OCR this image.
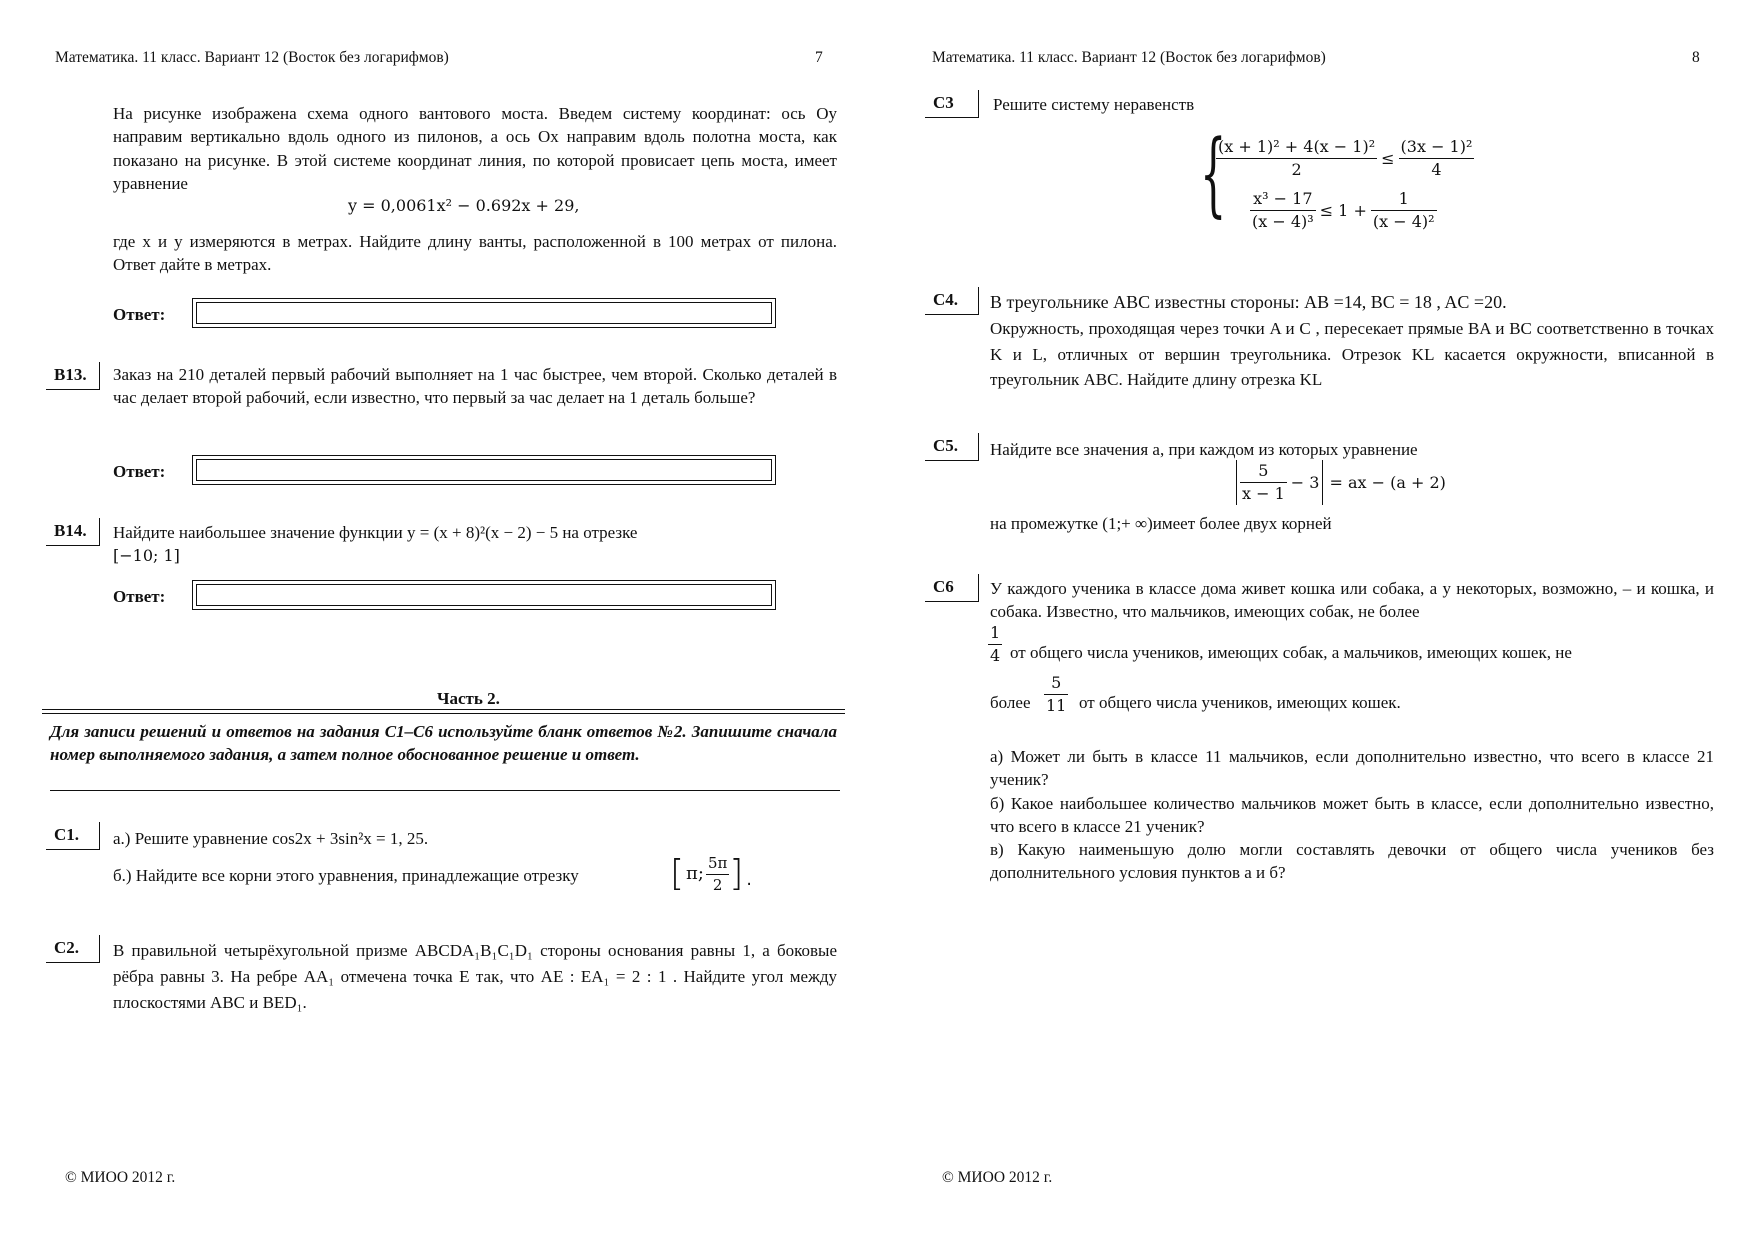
Математика. 11 класс. Вариант 12 (Восток без логарифмов)	7
На рисунке изображена схема одного вантового моста. Введем систему координат: ось Oy направим вертикально вдоль одного из пилонов, а ось Ox направим вдоль полотна моста, как показано на рисунке. В этой системе координат линия, по которой провисает цепь моста, имеет уравнение
y = 0,0061x² − 0.692x + 29,
где x и y измеряются в метрах. Найдите длину ванты, расположенной в 100 метрах от пилона. Ответ дайте в метрах.
Ответ:
B13. Заказ на 210 деталей первый рабочий выполняет на 1 час быстрее, чем второй. Сколько деталей в час делает второй рабочий, если известно, что первый за час делает на 1 деталь больше?
Ответ:
B14. Найдите наибольшее значение функции y = (x + 8)²(x − 2) − 5 на отрезке
[−10; 1]
Ответ:
Часть 2.
Для записи решений и ответов на задания С1–С6 используйте бланк ответов №2. Запишите сначала номер выполняемого задания, а затем полное обоснованное решение и ответ.
С1. а.) Решите уравнение cos2x + 3sin²x = 1, 25.
б.) Найдите все корни этого уравнения, принадлежащие отрезку	[ π; $\frac{5\pi}{2}$ ].
С2. В правильной четырёхугольной призме ABCDA₁B₁C₁D₁ стороны основания равны 1, а боковые рёбра равны 3. На ребре AA₁ отмечена точка E так, что AE : EA₁ = 2 : 1 . Найдите угол между плоскостями ABC и BED₁.
© МИОО 2012 г.
Математика. 11 класс. Вариант 12 (Восток без логарифмов)	8
С3 Решите систему неравенств
{
$\frac{\text{(x + 1)² + 4(x − 1)²}}{2} \le \frac{\text{(3x − 1)²}}{4}$
$\frac{\text{x³ − 17}}{\text{(x − 4)³}} \le 1 + \frac{1}{\text{(x − 4)²}}$
С4. В треугольнике ABC известны стороны: AB =14, BC = 18 , AC =20.
Окружность, проходящая через точки A и C , пересекает прямые BA и BC соответственно в точках K и L, отличных от вершин треугольника. Отрезок KL касается окружности, вписанной в треугольник ABC. Найдите длину отрезка KL
С5. Найдите все значения a, при каждом из которых уравнение
$\frac{5}{x - 1} - 3$ = ax − (a + 2)
на промежутке (1;+ ∞)имеет более двух корней
С6 У каждого ученика в классе дома живет кошка или собака, а у некоторых, возможно, – и кошка, и собака. Известно, что мальчиков, имеющих собак, не более
$\frac{1}{4}$ от общего числа учеников, имеющих собак, а мальчиков, имеющих кошек, не
более $\frac{5}{11}$ от общего числа учеников, имеющих кошек.
а) Может ли быть в классе 11 мальчиков, если дополнительно известно, что всего в классе 21 ученик?
б) Какое наибольшее количество мальчиков может быть в классе, если дополнительно известно, что всего в классе 21 ученик?
в) Какую наименьшую долю могли составлять девочки от общего числа учеников без дополнительного условия пунктов а и б?
© МИОО 2012 г.
